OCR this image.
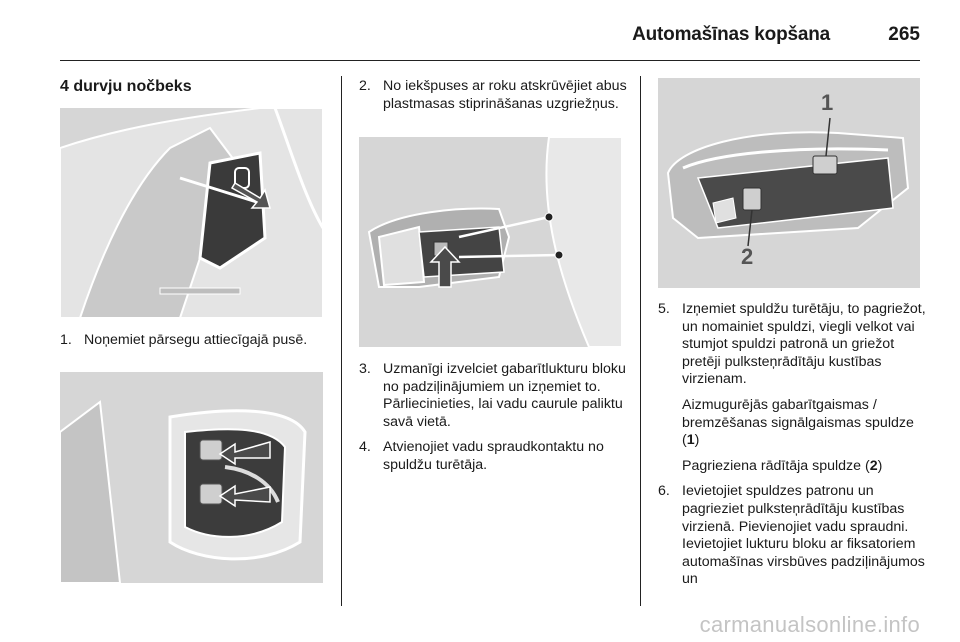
Automašīnas kopšana	265
4 durvju nočbeks
1. Noņemiet pārsegu attiecīgajā pusē.
2. No iekšpuses ar roku atskrūvējiet abus plastmasas stiprināšanas uzgriežņus.
3. Uzmanīgi izvelciet gabarītlukturu bloku no padziļinājumiem un izņemiet to. Pārliecinieties, lai vadu caurule paliktu savā vietā.
4. Atvienojiet vadu spraudkontaktu no spuldžu turētāja.
1
2
5. Izņemiet spuldžu turētāju, to pagriežot, un nomainiet spuldzi, viegli velkot vai stumjot spuldzi patronā un griežot pretēji pulksteņrādītāju kustības virzienam.
Aizmugurējās gabarītgaismas / bremzēšanas signālgaismas spuldze (1)
Pagrieziena rādītāja spuldze (2)
6. Ievietojiet spuldzes patronu un pagrieziet pulksteņrādītāju kustības virzienā. Pievienojiet vadu spraudni. Ievietojiet lukturu bloku ar fiksatoriem automašīnas virsbūves padziļinājumos un
carmanualsonline.info
